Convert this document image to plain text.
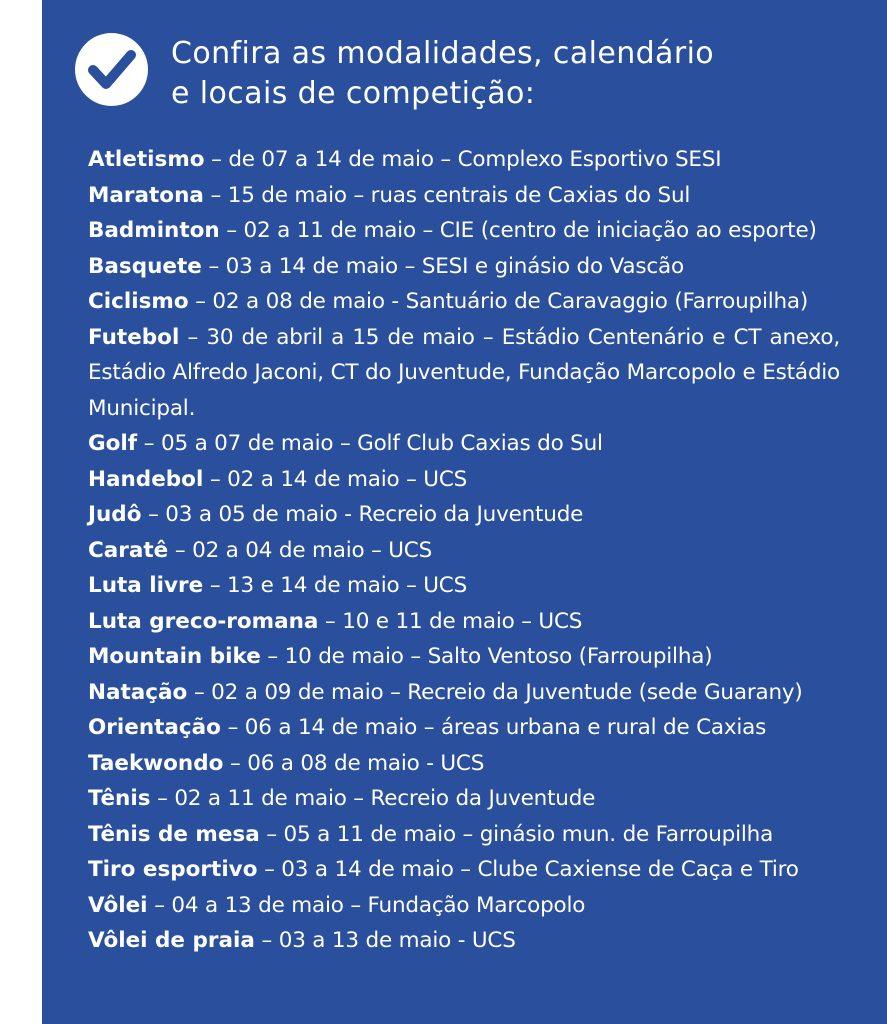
Confira as modalidades, calendário
e locais de competição:

Atletismo – de 07 a 14 de maio – Complexo Esportivo SESI

Maratona – 15 de maio – ruas centrais de Caxias do Sul

Badminton – 02 a 11 de maio – CIE (centro de iniciação ao esporte)

Basquete – 03 a 14 de maio – SESI e ginásio do Vascão

Ciclismo – 02 a 08 de maio - Santuário de Caravaggio (Farroupilha)

Futebol – 30 de abril a 15 de maio – Estádio Centenário e CT anexo, Estádio Alfredo Jaconi, CT do Juventude, Fundação Marcopolo e Estádio Municipal.

Golf – 05 a 07 de maio – Golf Club Caxias do Sul

Handebol – 02 a 14 de maio – UCS

Judô – 03 a 05 de maio - Recreio da Juventude

Caratê – 02 a 04 de maio – UCS

Luta livre – 13 e 14 de maio – UCS

Luta greco-romana – 10 e 11 de maio – UCS

Mountain bike – 10 de maio – Salto Ventoso (Farroupilha)

Natação – 02 a 09 de maio – Recreio da Juventude (sede Guarany)

Orientação – 06 a 14 de maio – áreas urbana e rural de Caxias

Taekwondo – 06 a 08 de maio - UCS

Tênis – 02 a 11 de maio – Recreio da Juventude

Tênis de mesa – 05 a 11 de maio – ginásio mun. de Farroupilha

Tiro esportivo – 03 a 14 de maio – Clube Caxiense de Caça e Tiro

Vôlei – 04 a 13 de maio – Fundação Marcopolo

Vôlei de praia – 03 a 13 de maio - UCS
